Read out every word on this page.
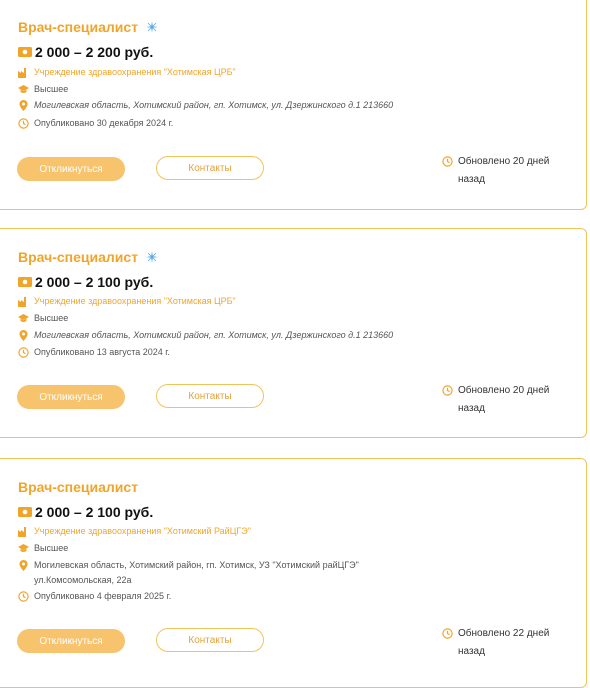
Врач-специалист
2 000 – 2 200 руб.
Учреждение здравоохранения "Хотимская ЦРБ"
Высшее
Могилевская область, Хотимский район, гп. Хотимск, ул. Дзержинского д.1 213660
Опубликовано 30 декабря 2024 г.
Откликнуться	Контакты
Обновлено 20 дней
назад
Врач-специалист
2 000 – 2 100 руб.
Учреждение здравоохранения "Хотимская ЦРБ"
Высшее
Могилевская область, Хотимский район, гп. Хотимск, ул. Дзержинского д.1 213660
Опубликовано 13 августа 2024 г.
Откликнуться	Контакты	Обновлено 20 дней
назад
Врач-специалист
2 000 – 2 100 руб.
Учреждение здравоохранения "Хотимский РайЦГЭ"
Высшее
Могилевская область, Хотимский район, гп. Хотимск, УЗ "Хотимский райЦГЭ"
ул.Комсомольская, 22а
Опубликовано 4 февраля 2025 г.
Откликнуться	Контакты
Обновлено 22 дней
назад
